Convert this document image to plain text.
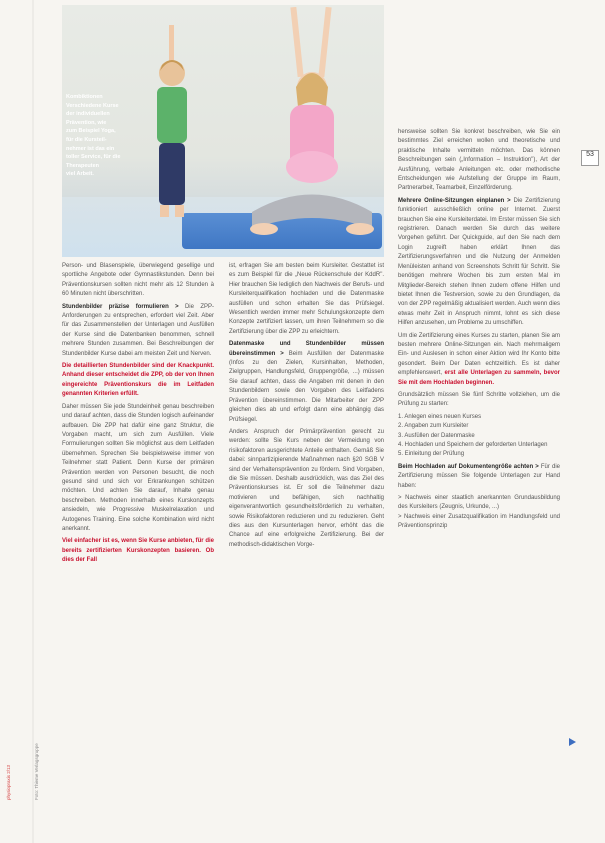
Kombiktionen
Verschiedene Kurse
der individuellen
Prävention, wie
zum Beispiel Yoga,
für die Kursteil-
nehmer ist das ein
toller Service, für die
Therapeuten
viel Arbeit.
53

Person- und Blasenspiele, überwiegend gesellige und sportliche Angebote oder Gymnastikstunden. Denn bei Präventionskursen sollten nicht mehr als 12 Stunden à 60 Minuten nicht überschritten.

Stundenbilder präzise formulieren > Die ZPP-Anforderungen zu entsprechen, erfordert viel Zeit. Aber für das Zusammenstellen der Unterlagen und Ausfüllen der Kurse sind die Datenbanken benommen, schnell mehrere Stunden zusammen. Bei Beschreibungen der Stundenbilder Kurse dabei am meisten Zeit und Nerven.

Die detaillierten Stundenbilder sind der Knackpunkt. Anhand dieser entscheidet die ZPP, ob der von Ihnen eingereichte Präventionskurs die im Leitfaden genannten Kriterien erfüllt.

Daher müssen Sie jede Stundeinheit genau beschreiben und darauf achten, dass die Stunden logisch aufeinander aufbauen. Die ZPP hat dafür eine ganz Struktur, die Vorgaben macht, um sich zum Ausfüllen. Viele Formulierungen sollten Sie möglichst aus dem Leitfaden übernehmen. Sprechen Sie beispielsweise immer von Teilnehmer statt Patient. Denn Kurse der primären Prävention werden von Personen besucht, die noch gesund sind und sich vor Erkrankungen schützen möchten. Und achten Sie darauf, Inhalte genau beschreiben. Methoden innerhalb eines Kurskonzepts ansiedeln, wie Progressive Muskelrelaxation und Autogenes Training. Eine solche Kombination wird nicht anerkannt.

Viel einfacher ist es, wenn Sie Kurse anbieten, für die bereits zertifizierten Kurskonzepten basieren. Ob dies der Fall

ist, erfragen Sie am besten beim Kursleiter. Gestattet ist es zum Beispiel für die „Neue Rückenschule der KddR". Hier brauchen Sie lediglich den Nachweis der Berufs- und Kursleiterqualifikation hochladen und die Datenmaske ausfüllen und schon erhalten Sie das Prüfsiegel. Wesentlich werden immer mehr Schulungskonzepte dem Konzepte zertifiziert lassen, um ihren Teilnehmern so die Zertifizierung über die ZPP zu erleichtern.

Datenmaske und Stundenbilder müssen übereinstimmen > Beim Ausfüllen der Datenmaske (Infos zu den Zielen, Kursinhalten, Methoden, Zielgruppen, Handlungsfeld, Gruppengröße, ...) müssen Sie darauf achten, dass die Angaben mit denen in den Stundenbildern sowie den Vorgaben des Leitfadens Prävention übereinstimmen. Die Mitarbeiter der ZPP gleichen dies ab und erfolgt dann eine abhängig das Prüfsiegel.

Anders Anspruch der Primärprävention gerecht zu werden: sollte Sie Kurs neben der Vermeidung von risikofaktoren ausgerichtete Anteile enthalten. Gemäß Sie dabei: sinnpartizipierende Maßnahmen nach §20 SGB V sind der Verhaltensprävention zu fördern. Sind Vorgaben, die Sie müssen. Deshalb ausdrücklich, was das Ziel des Präventionskurses ist. Er soll die Teilnehmer dazu motivieren und befähigen, sich nachhaltig eigenverantwortlich gesundheitsförderlich zu verhalten, sowie Risikofaktoren reduzieren und zu reduzieren. Geht dies aus den Kursunterlagen hervor, erhöht das die Chance auf eine erfolgreiche Zertifizierung. Bei der methodisch-didaktischen Vorge-

hensweise sollten Sie konkret beschreiben, wie Sie ein bestimmtes Ziel erreichen wollen und theoretische und praktische Inhalte vermitteln möchten. Das können Beschreibungen sein („Information – Instruktion"), Art der Ausführung, verbale Anleitungen etc. oder methodische Entscheidungen wie Aufstellung der Gruppe im Raum, Partnerarbeit, Teamarbeit, Einzelförderung.

Mehrere Online-Sitzungen einplanen > Die Zertifizierung funktioniert ausschließlich online per Internet. Zuerst brauchen Sie eine Kursleiterdatei. Im Erster müssen Sie sich registrieren. Danach werden Sie durch das weitere Vorgehen geführt. Der Quickguide, auf den Sie nach dem Login zugreift haben erklärt Ihnen das Zertifizierungsverfahren und die Nutzung der Anmelden Menüleisten anhand von Screenshots Schritt für Schritt. Sie benötigen mehrere Wochen bis zum ersten Mal im Mitglieder-Bereich stehen Ihnen zudem offene Hilfen und bietet Ihnen die Testversion, sowie zu den Grundlagen, da von der ZPP regelmäßig aktualisiert werden. Auch wenn dies etwas mehr Zeit in Anspruch nimmt, lohnt es sich diese Hilfen anzusehen, um Probleme zu umschiffen.

Um die Zertifizierung eines Kurses zu starten, planen Sie am besten mehrere Online-Sitzungen ein. Nach mehrmaligem Ein- und Auslesen in schon einer Aktion wird Ihr Konto bitte gesondert. Beim Der Daten echtzeitlich. Es ist daher empfehlenswert, erst alle Unterlagen zu sammeln, bevor Sie mit dem Hochladen beginnen.

Grundsätzlich müssen Sie fünf Schritte vollziehen, um die Prüfung zu starten:

1. Anlegen eines neuen Kurses
2. Angaben zum Kursleiter
3. Ausfüllen der Datenmaske
4. Hochladen und Speichern der geforderten Unterlagen
5. Einleitung der Prüfung

Beim Hochladen auf Dokumentengröße achten > Für die Zertifizierung müssen Sie folgende Unterlagen zur Hand haben:

> Nachweis einer staatlich anerkannten Grundausbildung des Kursleiters (Zeugnis, Urkunde, ...)
> Nachweis einer Zusatzqualifikation im Handlungsfeld und Präventionsprinzip
physiopraxis 2/13	Foto: Thieme Verlagsgruppe
